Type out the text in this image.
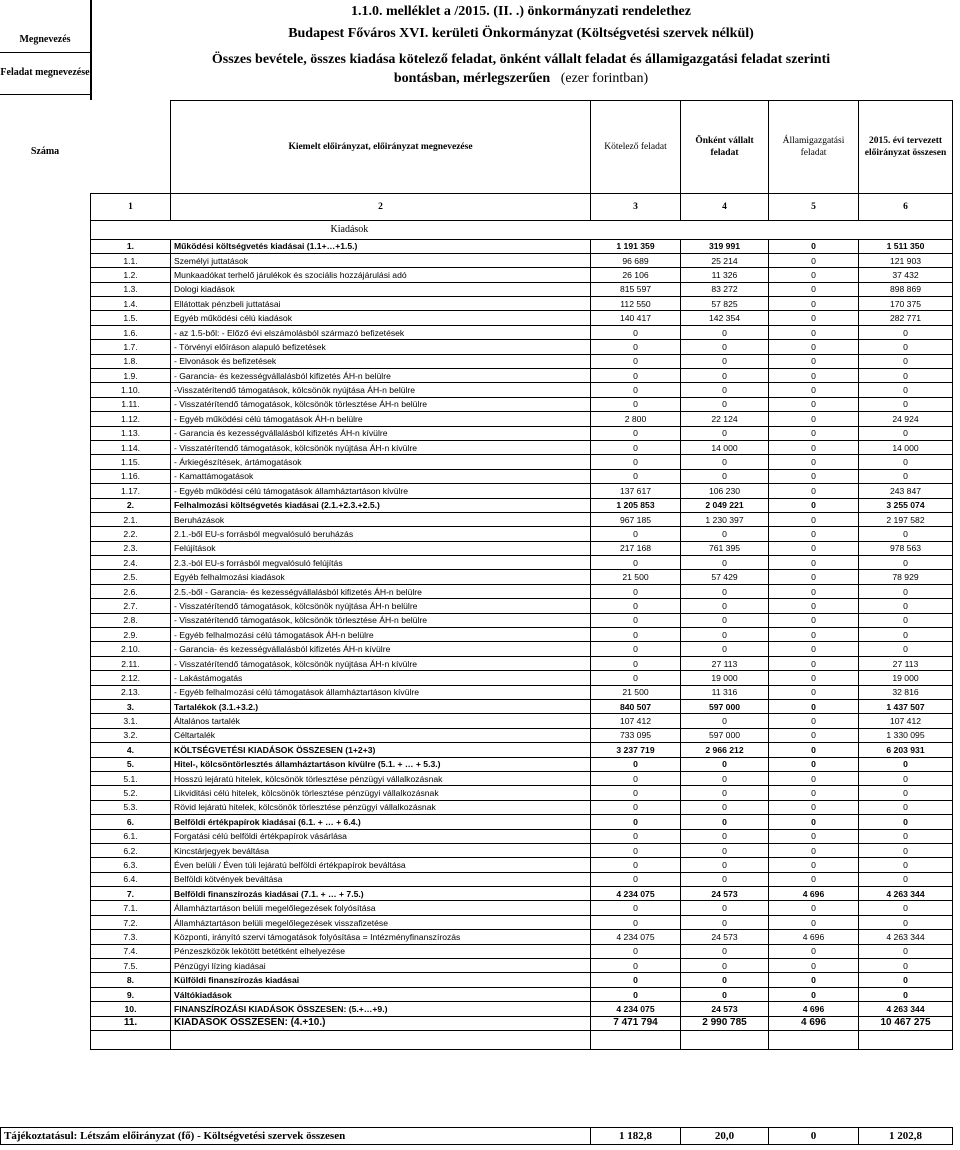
Megnevezés
Feladat megnevezése
Száma
1.1.0. melléklet a /2015. (II. .) önkormányzati rendelethez
Budapest Főváros XVI. kerületi Önkormányzat (Költségvetési szervek nélkül)
Összes bevétele, összes kiadása kötelező feladat, önként vállalt feladat és államigazgatási feladat szerinti
bontásban, mérlegszerűen (ezer forintban)
	Kiemelt előirányzat, előirányzat megnevezése	Kötelező feladat	Önként vállalt feladat	Államigazgatási feladat	2015. évi tervezett előirányzat összesen
1	2	3	4	5	6
	Kiadások				
1.	Működési költségvetés kiadásai (1.1+…+1.5.)	1 191 359	319 991	0	1 511 350
1.1.	Személyi juttatások	96 689	25 214	0	121 903
1.2.	Munkaadókat terhelő járulékok és szociális hozzájárulási adó	26 106	11 326	0	37 432
1.3.	Dologi kiadások	815 597	83 272	0	898 869
1.4.	Ellátottak pénzbeli juttatásai	112 550	57 825	0	170 375
1.5.	Egyéb működési célú kiadások	140 417	142 354	0	282 771
1.6.	- az 1.5-ből: - Előző évi elszámolásból származó befizetések	0	0	0	0
1.7.	- Törvényi előíráson alapuló befizetések	0	0	0	0
1.8.	- Elvonások és befizetések	0	0	0	0
1.9.	- Garancia- és kezességvállalásból kifizetés ÁH-n belülre	0	0	0	0
1.10.	-Visszatérítendő támogatások, kölcsönök nyújtása ÁH-n belülre	0	0	0	0
1.11.	- Visszatérítendő támogatások, kölcsönök törlesztése ÁH-n belülre	0	0	0	0
1.12.	- Egyéb működési célú támogatások ÁH-n belülre	2 800	22 124	0	24 924
1.13.	- Garancia és kezességvállalásból kifizetés ÁH-n kívülre	0	0	0	0
1.14.	- Visszatérítendő támogatások, kölcsönök nyújtása ÁH-n kívülre	0	14 000	0	14 000
1.15.	- Árkiegészítések, ártámogatások	0	0	0	0
1.16.	- Kamattámogatások	0	0	0	0
1.17.	- Egyéb működési célú támogatások államháztartáson kívülre	137 617	106 230	0	243 847
2.	Felhalmozási költségvetés kiadásai (2.1.+2.3.+2.5.)	1 205 853	2 049 221	0	3 255 074
2.1.	Beruházások	967 185	1 230 397	0	2 197 582
2.2.	2.1.-ből EU-s forrásból megvalósuló beruházás	0	0	0	0
2.3.	Felújítások	217 168	761 395	0	978 563
2.4.	2.3.-ból EU-s forrásból megvalósuló felújítás	0	0	0	0
2.5.	Egyéb felhalmozási kiadások	21 500	57 429	0	78 929
2.6.	2.5.-ből - Garancia- és kezességvállalásból kifizetés ÁH-n belülre	0	0	0	0
2.7.	- Visszatérítendő támogatások, kölcsönök nyújtása ÁH-n belülre	0	0	0	0
2.8.	- Visszatérítendő támogatások, kölcsönök törlesztése ÁH-n belülre	0	0	0	0
2.9.	- Egyéb felhalmozási célú támogatások ÁH-n belülre	0	0	0	0
2.10.	- Garancia- és kezességvállalásból kifizetés ÁH-n kívülre	0	0	0	0
2.11.	- Visszatérítendő támogatások, kölcsönök nyújtása ÁH-n kívülre	0	27 113	0	27 113
2.12.	- Lakástámogatás	0	19 000	0	19 000
2.13.	- Egyéb felhalmozási célú támogatások államháztartáson kívülre	21 500	11 316	0	32 816
3.	Tartalékok (3.1.+3.2.)	840 507	597 000	0	1 437 507
3.1.	Általános tartalék	107 412	0	0	107 412
3.2.	Céltartalék	733 095	597 000	0	1 330 095
4.	KÖLTSÉGVETÉSI KIADÁSOK ÖSSZESEN (1+2+3)	3 237 719	2 966 212	0	6 203 931
5.	Hitel-, kölcsöntörlesztés államháztartáson kívülre (5.1. + … + 5.3.)	0	0	0	0
5.1.	Hosszú lejáratú hitelek, kölcsönök törlesztése pénzügyi vállalkozásnak	0	0	0	0
5.2.	Likviditási célú hitelek, kölcsönök törlesztése pénzügyi vállalkozásnak	0	0	0	0
5.3.	Rövid lejáratú hitelek, kölcsönök törlesztése pénzügyi vállalkozásnak	0	0	0	0
6.	Belföldi értékpapírok kiadásai (6.1. + … + 6.4.)	0	0	0	0
6.1.	Forgatási célú belföldi értékpapírok vásárlása	0	0	0	0
6.2.	Kincstárjegyek beváltása	0	0	0	0
6.3.	Éven belüli / Éven túli lejáratú belföldi értékpapírok beváltása	0	0	0	0
6.4.	Belföldi kötvények beváltása	0	0	0	0
7.	Belföldi finanszírozás kiadásai (7.1. + … + 7.5.)	4 234 075	24 573	4 696	4 263 344
7.1.	Államháztartáson belüli megelőlegezések folyósítása	0	0	0	0
7.2.	Államháztartáson belüli megelőlegezések visszafizetése	0	0	0	0
7.3.	Központi, irányító szervi támogatások folyósítása = Intézményfinanszírozás	4 234 075	24 573	4 696	4 263 344
7.4.	Pénzeszközök lekötött betétként elhelyezése	0	0	0	0
7.5.	Pénzügyi lízing kiadásai	0	0	0	0
8.	Külföldi finanszírozás kiadásai	0	0	0	0
9.	Váltókiadások	0	0	0	0
10.	FINANSZÍROZÁSI KIADÁSOK ÖSSZESEN: (5.+…+9.)	4 234 075	24 573	4 696	4 263 344
11.	KIADÁSOK ÖSSZESEN: (4.+10.)	7 471 794	2 990 785	4 696	10 467 275

Tájékoztatásul: Létszám előirányzat (fő) - Költségvetési szervek összesen	1 182,8	20,0	0	1 202,8
